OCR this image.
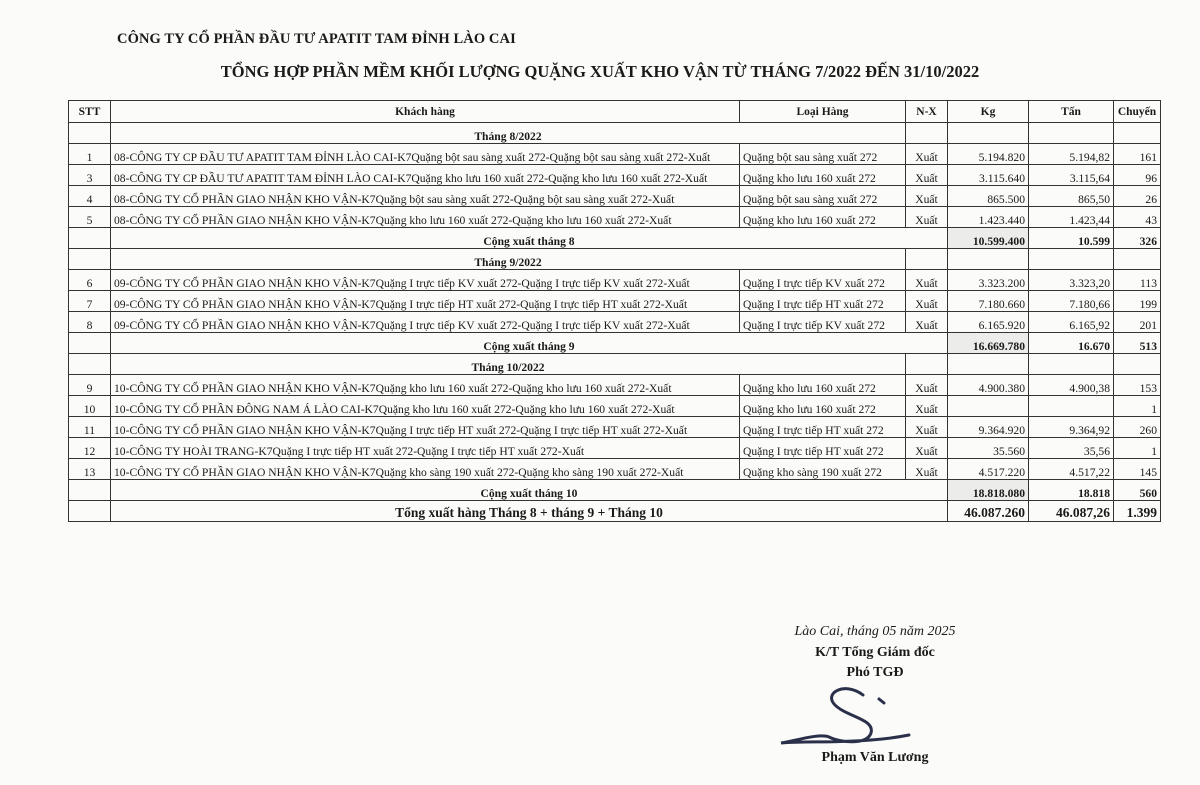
CÔNG TY CỔ PHẦN ĐẦU TƯ APATIT TAM ĐỈNH LÀO CAI
TỔNG HỢP PHẦN MỀM KHỐI LƯỢNG QUẶNG XUẤT KHO VẬN TỪ THÁNG 7/2022 ĐẾN 31/10/2022
STT	Khách hàng	Loại Hàng	N-X	Kg	Tấn	Chuyến
	Tháng 8/2022					
1	08-CÔNG TY CP ĐẦU TƯ APATIT TAM ĐỈNH LÀO CAI-K7Quặng bột sau sàng xuất 272-Quặng bột sau sàng xuất 272-Xuất	Quặng bột sau sàng xuất 272	Xuất	5.194.820	5.194,82	161
3	08-CÔNG TY CP ĐẦU TƯ APATIT TAM ĐỈNH LÀO CAI-K7Quặng kho lưu 160 xuất 272-Quặng kho lưu 160 xuất 272-Xuất	Quặng kho lưu 160 xuất 272	Xuất	3.115.640	3.115,64	96
4	08-CÔNG TY CỔ PHẦN GIAO NHẬN KHO VẬN-K7Quặng bột sau sàng xuất 272-Quặng bột sau sàng xuất 272-Xuất	Quặng bột sau sàng xuất 272	Xuất	865.500	865,50	26
5	08-CÔNG TY CỔ PHẦN GIAO NHẬN KHO VẬN-K7Quặng kho lưu 160 xuất 272-Quặng kho lưu 160 xuất 272-Xuất	Quặng kho lưu 160 xuất 272	Xuất	1.423.440	1.423,44	43
	Cộng xuất tháng 8			10.599.400	10.599	326
	Tháng 9/2022					
6	09-CÔNG TY CỔ PHẦN GIAO NHẬN KHO VẬN-K7Quặng I trực tiếp KV xuất 272-Quặng I trực tiếp KV xuất 272-Xuất	Quặng I trực tiếp KV xuất 272	Xuất	3.323.200	3.323,20	113
7	09-CÔNG TY CỔ PHẦN GIAO NHẬN KHO VẬN-K7Quặng I trực tiếp HT xuất 272-Quặng I trực tiếp HT xuất 272-Xuất	Quặng I trực tiếp HT xuất 272	Xuất	7.180.660	7.180,66	199
8	09-CÔNG TY CỔ PHẦN GIAO NHẬN KHO VẬN-K7Quặng I trực tiếp KV xuất 272-Quặng I trực tiếp KV xuất 272-Xuất	Quặng I trực tiếp KV xuất 272	Xuất	6.165.920	6.165,92	201
	Cộng xuất tháng 9			16.669.780	16.670	513
	Tháng 10/2022					
9	10-CÔNG TY CỔ PHẦN GIAO NHẬN KHO VẬN-K7Quặng kho lưu 160 xuất 272-Quặng kho lưu 160 xuất 272-Xuất	Quặng kho lưu 160 xuất 272	Xuất	4.900.380	4.900,38	153
10	10-CÔNG TY CỔ PHẦN ĐÔNG NAM Á LÀO CAI-K7Quặng kho lưu 160 xuất 272-Quặng kho lưu 160 xuất 272-Xuất	Quặng kho lưu 160 xuất 272	Xuất			1
11	10-CÔNG TY CỔ PHẦN GIAO NHẬN KHO VẬN-K7Quặng I trực tiếp HT xuất 272-Quặng I trực tiếp HT xuất 272-Xuất	Quặng I trực tiếp HT xuất 272	Xuất	9.364.920	9.364,92	260
12	10-CÔNG TY HOÀI TRANG-K7Quặng I trực tiếp HT xuất 272-Quặng I trực tiếp HT xuất 272-Xuất	Quặng I trực tiếp HT xuất 272	Xuất	35.560	35,56	1
13	10-CÔNG TY CỔ PHẦN GIAO NHẬN KHO VẬN-K7Quặng kho sàng 190 xuất 272-Quặng kho sàng 190 xuất 272-Xuất	Quặng kho sàng 190 xuất 272	Xuất	4.517.220	4.517,22	145
	Cộng xuất tháng 10			18.818.080	18.818	560
	Tổng xuất hàng Tháng 8 + tháng 9 + Tháng 10			46.087.260	46.087,26	1.399
Lào Cai, tháng 05 năm 2025
K/T Tổng Giám đốc
Phó TGĐ
Phạm Văn Lương
